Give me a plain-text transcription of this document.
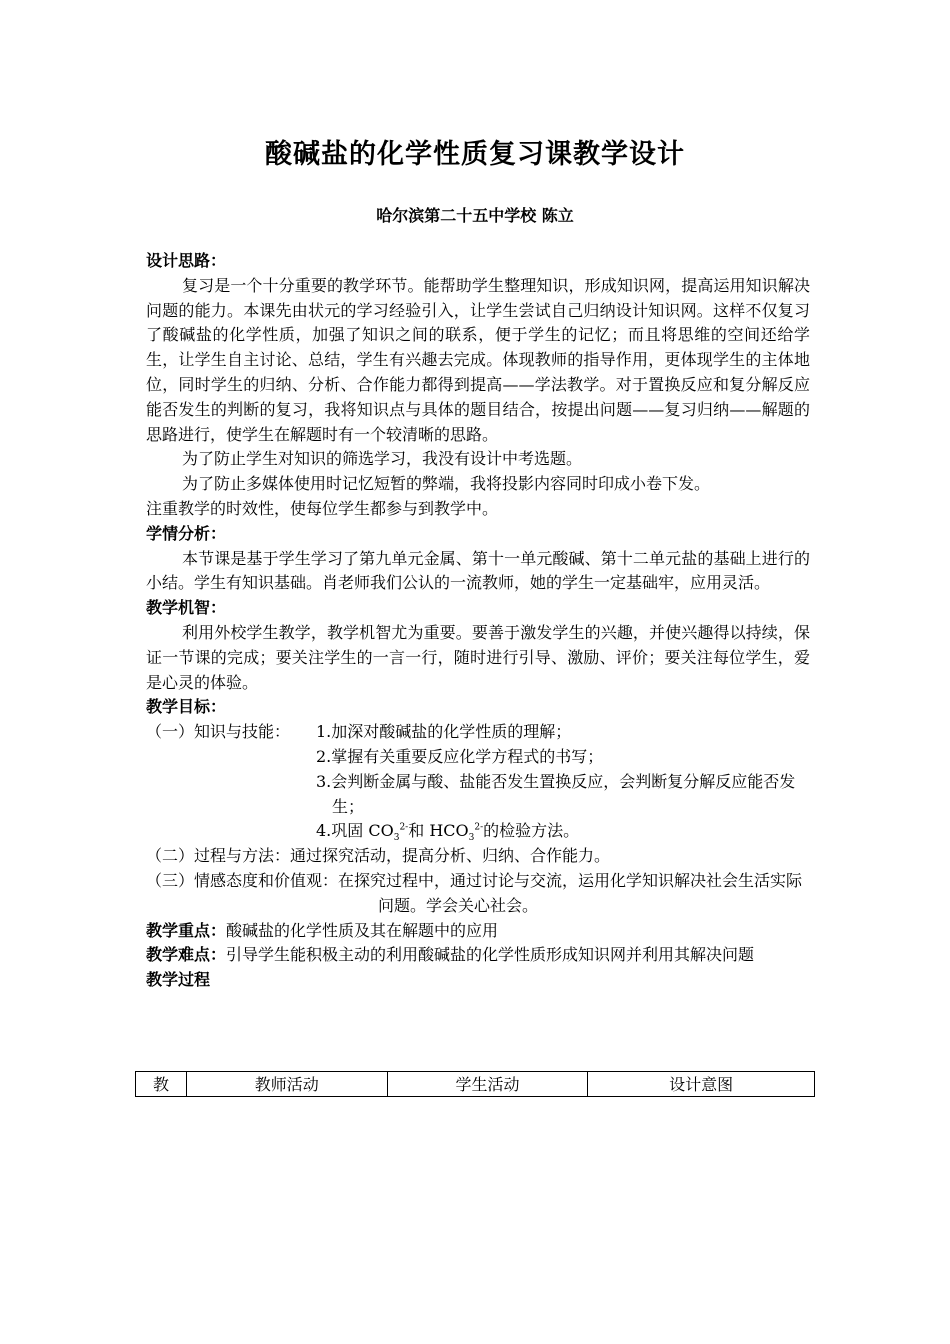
酸碱盐的化学性质复习课教学设计
哈尔滨第二十五中学校 陈立

设计思路：

复习是一个十分重要的教学环节。能帮助学生整理知识，形成知识网，提高运用知识解决问题的能力。本课先由状元的学习经验引入，让学生尝试自己归纳设计知识网。这样不仅复习了酸碱盐的化学性质，加强了知识之间的联系，便于学生的记忆；而且将思维的空间还给学生，让学生自主讨论、总结，学生有兴趣去完成。体现教师的指导作用，更体现学生的主体地位，同时学生的归纳、分析、合作能力都得到提高——学法教学。对于置换反应和复分解反应能否发生的判断的复习，我将知识点与具体的题目结合，按提出问题——复习归纳——解题的思路进行，使学生在解题时有一个较清晰的思路。

为了防止学生对知识的筛选学习，我没有设计中考选题。

为了防止多媒体使用时记忆短暂的弊端，我将投影内容同时印成小卷下发。

注重教学的时效性，使每位学生都参与到教学中。

学情分析：

本节课是基于学生学习了第九单元金属、第十一单元酸碱、第十二单元盐的基础上进行的小结。学生有知识基础。肖老师我们公认的一流教师，她的学生一定基础牢，应用灵活。

教学机智：

利用外校学生教学，教学机智尤为重要。要善于激发学生的兴趣，并使兴趣得以持续，保证一节课的完成；要关注学生的一言一行，随时进行引导、激励、评价；要关注每位学生，爱是心灵的体验。

教学目标：

（一）知识与技能： 1.加深对酸碱盐的化学性质的理解；
2.掌握有关重要反应化学方程式的书写；
3.会判断金属与酸、盐能否发生置换反应，会判断复分解反应能否发生；
4.巩固 $CO_3^{2-}$和 $HCO_3^{2-}$的检验方法。

（二）过程与方法：通过探究活动，提高分析、归纳、合作能力。

（三）情感态度和价值观：在探究过程中，通过讨论与交流，运用化学知识解决社会生活实际问题。学会关心社会。

教学重点：酸碱盐的化学性质及其在解题中的应用

教学难点：引导学生能积极主动的利用酸碱盐的化学性质形成知识网并利用其解决问题

教学过程

教	教师活动	学生活动	设计意图
